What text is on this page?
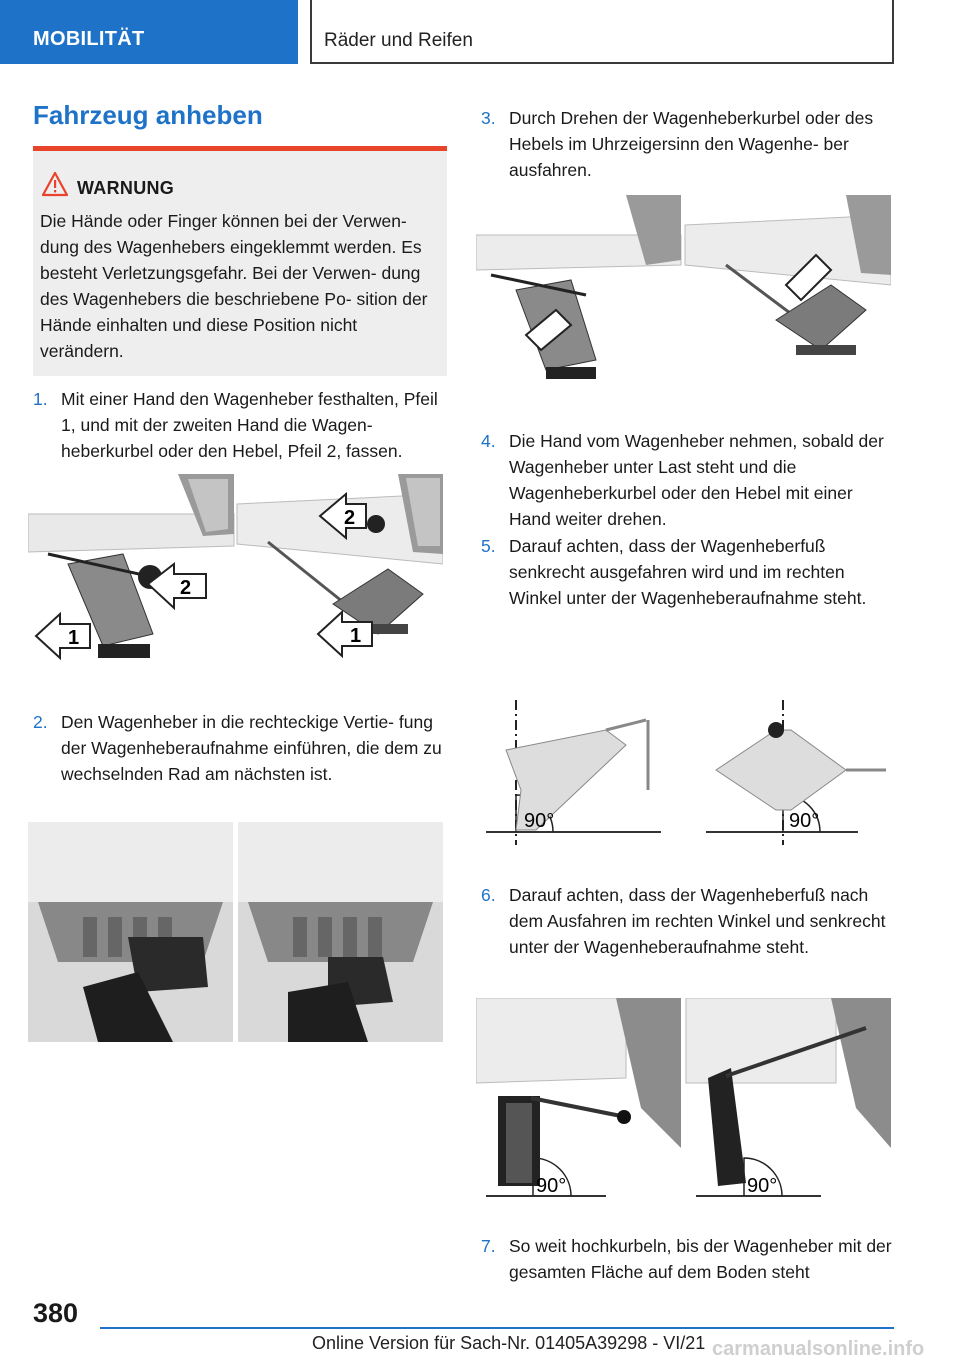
MOBILITÄT	Räder und Reifen
Fahrzeug anheben
WARNUNG
Die Hände oder Finger können bei der Verwen‐ dung des Wagenhebers eingeklemmt werden. Es besteht Verletzungsgefahr. Bei der Verwen‐ dung des Wagenhebers die beschriebene Po‐ sition der Hände einhalten und diese Position nicht verändern.
1. Mit einer Hand den Wagenheber festhalten, Pfeil 1, und mit der zweiten Hand die Wagen‐ heberkurbel oder den Hebel, Pfeil 2, fassen.
1
2
2
1
2. Den Wagenheber in die rechteckige Vertie‐ fung der Wagenheberaufnahme einführen, die dem zu wechselnden Rad am nächsten ist.
3. Durch Drehen der Wagenheberkurbel oder des Hebels im Uhrzeigersinn den Wagenhe‐ ber ausfahren.
4. Die Hand vom Wagenheber nehmen, sobald der Wagenheber unter Last steht und die Wagenheberkurbel oder den Hebel mit einer Hand weiter drehen.
5. Darauf achten, dass der Wagenheberfuß senkrecht ausgefahren wird und im rechten Winkel unter der Wagenheberaufnahme steht.
90°	90°
6. Darauf achten, dass der Wagenheberfuß nach dem Ausfahren im rechten Winkel und senkrecht unter der Wagenheberaufnahme steht.
90°	90°
7. So weit hochkurbeln, bis der Wagenheber mit der gesamten Fläche auf dem Boden steht
380
Online Version für Sach-Nr. 01405A39298 - VI/21 carmanualsonline.info
